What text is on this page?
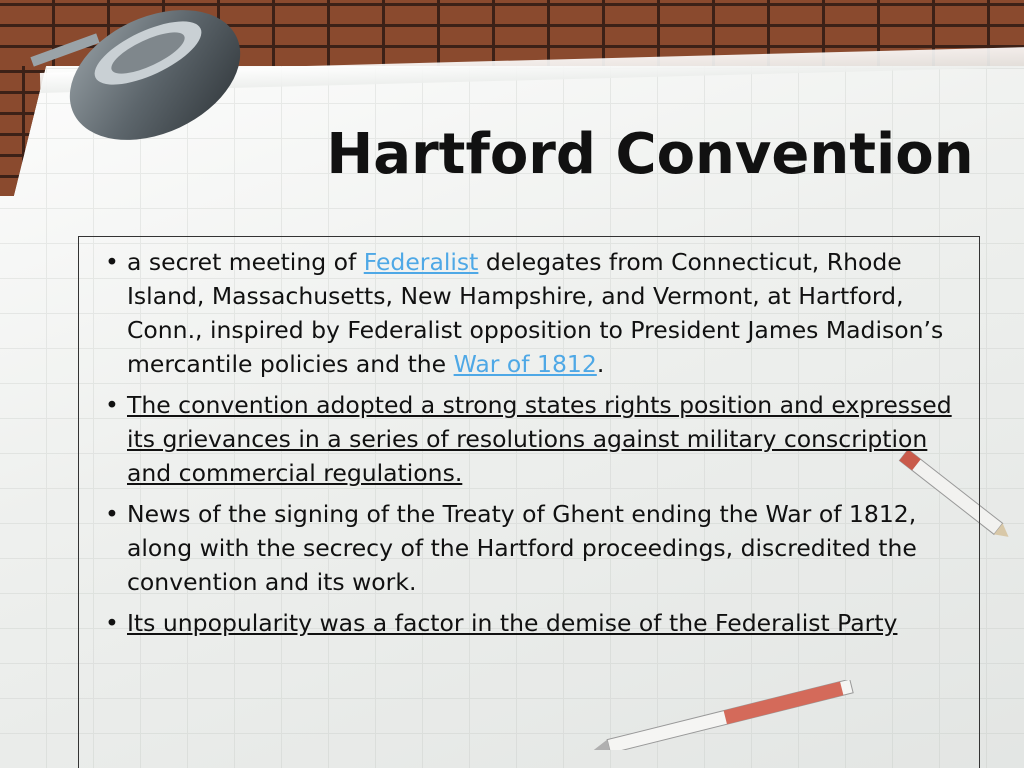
Hartford Convention
• a secret meeting of Federalist delegates from Connecticut, Rhode Island, Massachusetts, New Hampshire, and Vermont, at Hartford, Conn., inspired by Federalist opposition to President James Madison’s mercantile policies and the War of 1812.
• The convention adopted a strong states rights position and expressed its grievances in a series of resolutions against military conscription and commercial regulations.
• News of the signing of the Treaty of Ghent ending the War of 1812, along with the secrecy of the Hartford proceedings, discredited the convention and its work.
• Its unpopularity was a factor in the demise of the Federalist Party
